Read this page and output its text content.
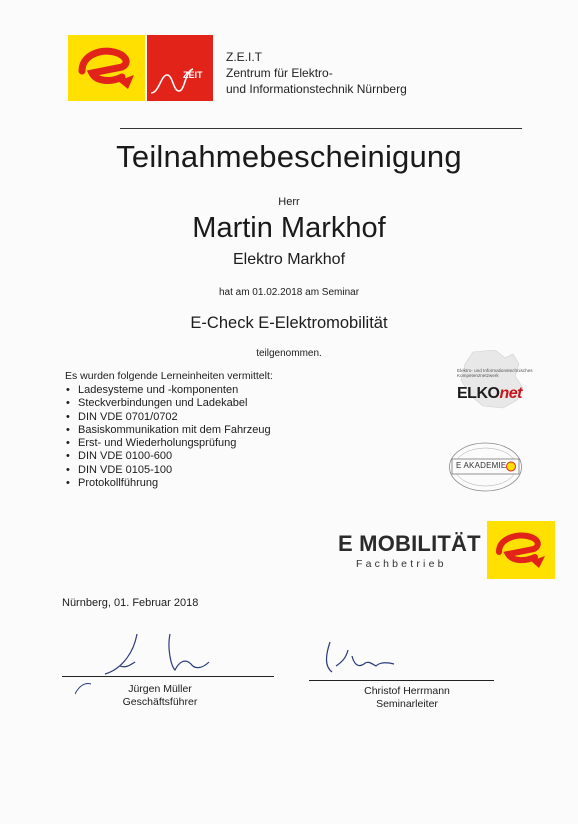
ZEIT
Z.E.I.T
Zentrum für Elektro-
und Informationstechnik Nürnberg
Teilnahmebescheinigung
Herr
Martin Markhof
Elektro Markhof
hat am 01.02.2018 am Seminar
E-Check E-Elektromobilität
teilgenommen.
Es wurden folgende Lerneinheiten vermittelt:
• Ladesysteme und -komponenten
• Steckverbindungen und Ladekabel
• DIN VDE 0701/0702
• Basiskommunikation mit dem Fahrzeug
• Erst- und Wiederholungsprüfung
• DIN VDE 0100-600
• DIN VDE 0105-100
• Protokollführung
Elektro- und Informationstechnisches Kompetenznetzwerk
ELKOnet
E AKADEMIE
E MOBILITÄT
Fachbetrieb
Nürnberg, 01. Februar 2018
Jürgen Müller
Geschäftsführer
Christof Herrmann
Seminarleiter
